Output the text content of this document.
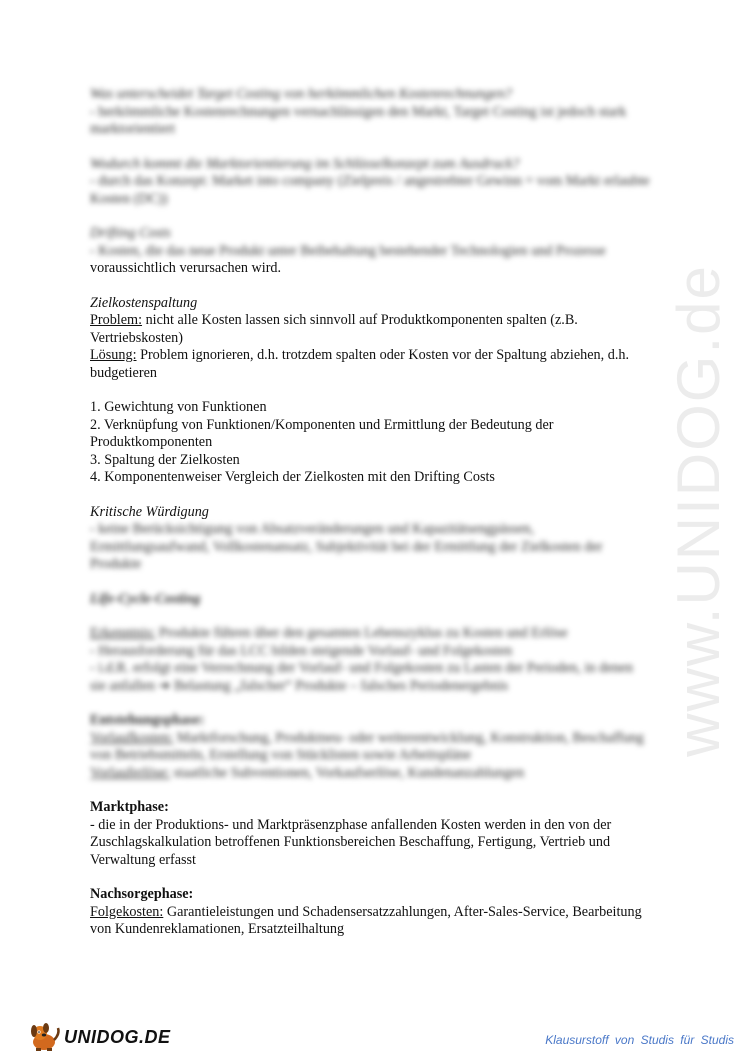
Was unterscheidet Target Costing von herkömmlichen Kostenrechnungen?
- herkömmliche Kostenrechnungen vernachlässigen den Markt, Target Costing ist jedoch stark marktorientiert
Wodurch kommt die Marktorientierung im Schlüsselkonzept zum Ausdruck?
- durch das Konzept: Market into company (Zielpreis / angestrebter Gewinn = vom Markt erlaubte Kosten (DC))
Drifting Costs
- Kosten, die das neue Produkt unter Beibehaltung bestehender Technologien und Prozesse
voraussichtlich verursachen wird.
Zielkostenspaltung
Problem: nicht alle Kosten lassen sich sinnvoll auf Produktkomponenten spalten (z.B. Vertriebskosten)
Lösung: Problem ignorieren, d.h. trotzdem spalten oder Kosten vor der Spaltung abziehen, d.h. budgetieren
1. Gewichtung von Funktionen
2. Verknüpfung von Funktionen/Komponenten und Ermittlung der Bedeutung der Produktkomponenten
3. Spaltung der Zielkosten
4. Komponentenweiser Vergleich der Zielkosten mit den Drifting Costs
Kritische Würdigung
- keine Berücksichtigung von Absatzveränderungen und Kapazitätsengpässen, Ermittlungsaufwand, Vollkostenansatz, Subjektivität bei der Ermittlung der Zielkosten der Produkte
Life-Cycle-Costing
Erkenntnis: Produkte führen über den gesamten Lebenszyklus zu Kosten und Erlöse
- Herausforderung für das LCC bilden steigende Vorlauf- und Folgekosten
- i.d.R. erfolgt eine Verrechnung der Vorlauf- und Folgekosten zu Lasten der Perioden, in denen sie anfallen ➔ Belastung „falscher“ Produkte – falsches Periodenergebnis
Entstehungsphase:
Vorlaufkosten: Marktforschung, Produktneu- oder weiterentwicklung, Konstruktion, Beschaffung von Betriebsmitteln, Erstellung von Stücklisten sowie Arbeitspläne
Vorlauferlöse: staatliche Subventionen, Vorkaufserlöse, Kundenanzahlungen
Marktphase:
- die in der Produktions- und Marktpräsenzphase anfallenden Kosten werden in den von der Zuschlagskalkulation betroffenen Funktionsbereichen Beschaffung, Fertigung, Vertrieb und Verwaltung erfasst
Nachsorgephase:
Folgekosten: Garantieleistungen und Schadensersatzzahlungen, After-Sales-Service, Bearbeitung von Kundenreklamationen, Ersatzteilhaltung
www.UNIDOG.de
UNIDOG.DE	Klausurstoff von Studis für Studis
